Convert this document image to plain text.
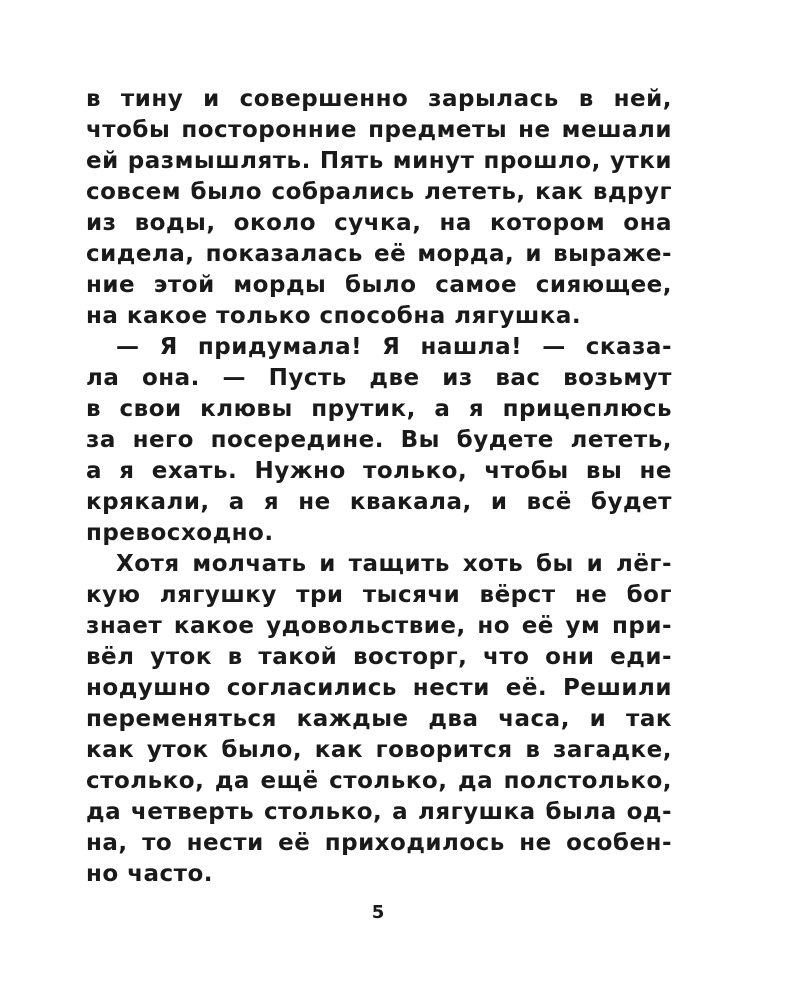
в тину и совершенно зарылась в ней,
чтобы посторонние предметы не мешали
ей размышлять. Пять минут прошло, утки
совсем было собрались лететь, как вдруг
из воды, около сучка, на котором она
сидела, показалась её морда, и выраже-
ние этой морды было самое сияющее,
на какое только способна лягушка.
— Я придумала! Я нашла! — сказа-
ла она. — Пусть две из вас возьмут
в свои клювы прутик, а я прицеплюсь
за него посередине. Вы будете лететь,
а я ехать. Нужно только, чтобы вы не
крякали, а я не квакала, и всё будет
превосходно.
Хотя молчать и тащить хоть бы и лёг-
кую лягушку три тысячи вёрст не бог
знает какое удовольствие, но её ум при-
вёл уток в такой восторг, что они еди-
нодушно согласились нести её. Решили
переменяться каждые два часа, и так
как уток было, как говорится в загадке,
столько, да ещё столько, да полстолько,
да четверть столько, а лягушка была од-
на, то нести её приходилось не особен-
но часто.
5
